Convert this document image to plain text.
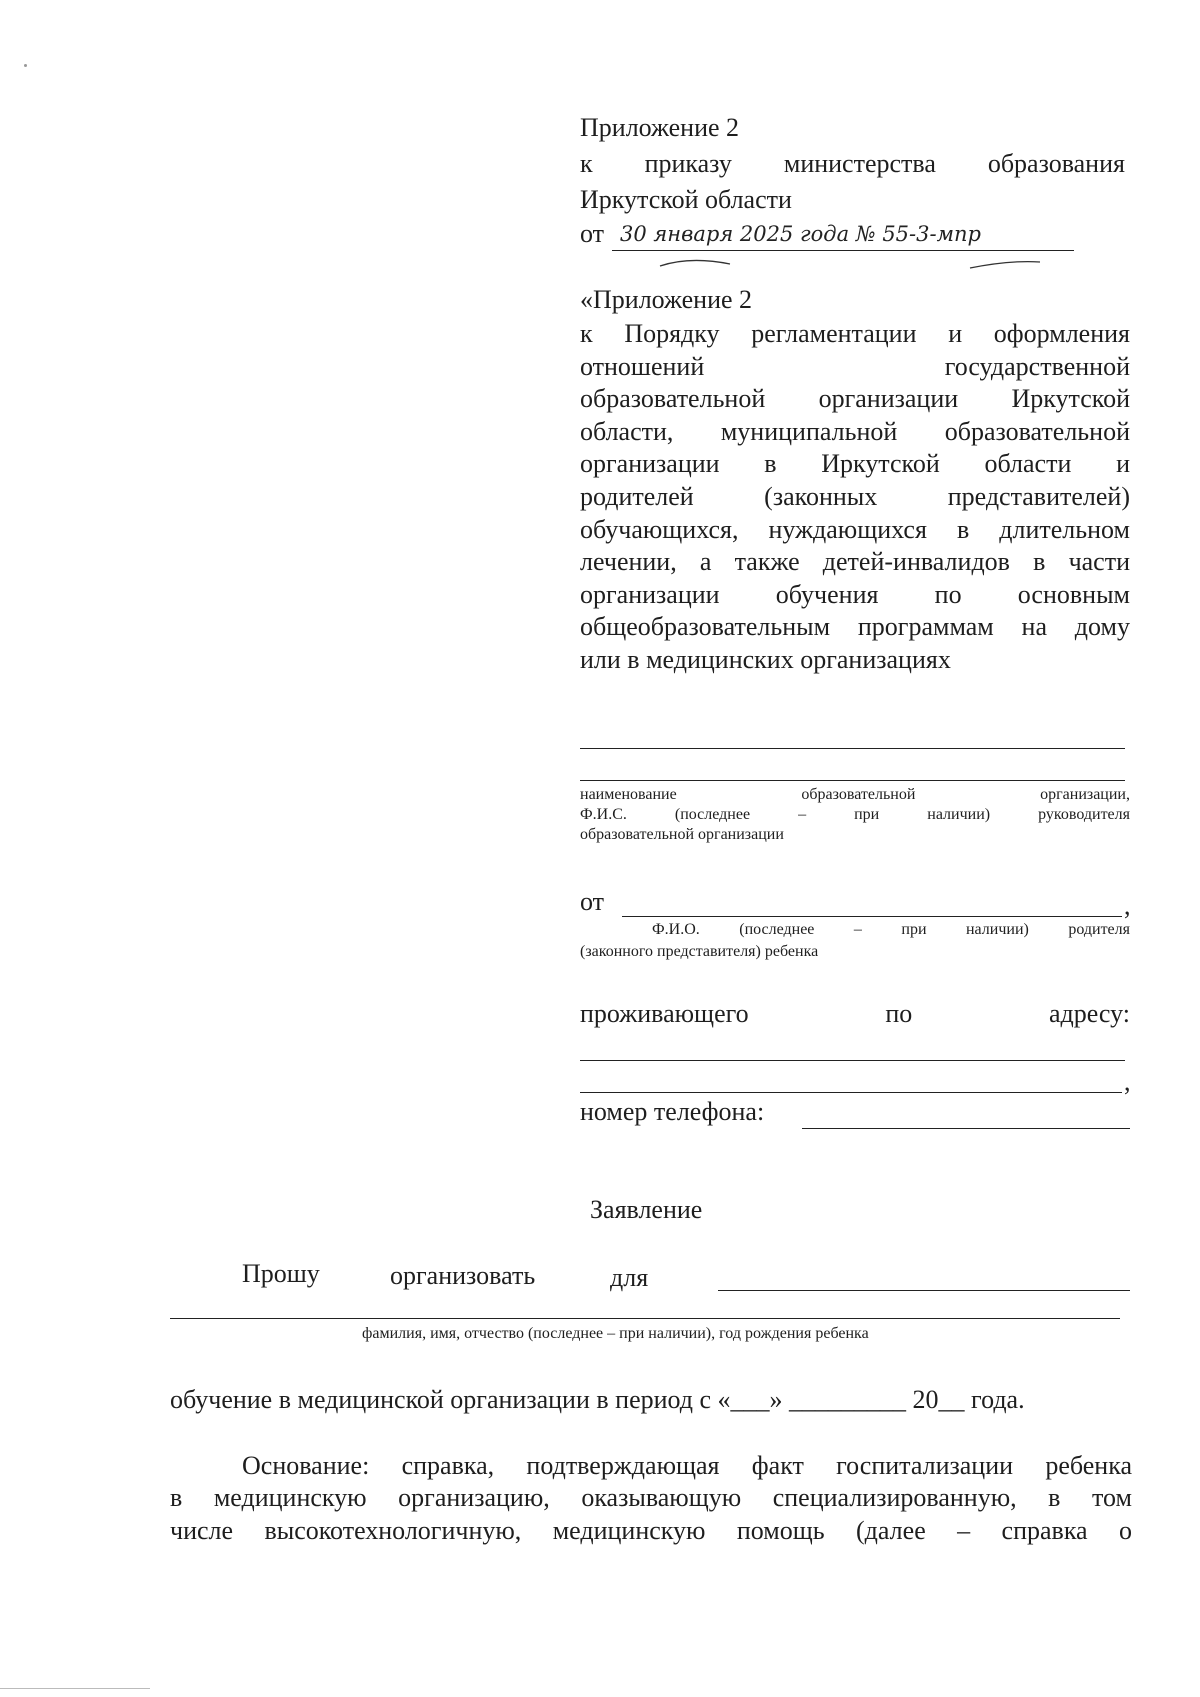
Приложение 2
к приказу министерства образования
Иркутской области
от 30 января 2025 года № 55-3-мпр
«Приложение 2
к Порядку регламентации и оформления
отношений государственной
образовательной организации Иркутской
области, муниципальной образовательной
организации в Иркутской области и
родителей (законных представителей)
обучающихся, нуждающихся в длительном
лечении, а также детей-инвалидов в части
организации обучения по основным
общеобразовательным программам на дому
или в медицинских организациях
наименование образовательной организации,
Ф.И.С. (последнее – при наличии) руководителя
образовательной организации
от	,
Ф.И.О. (последнее – при наличии) родителя
(законного представителя) ребенка
проживающего	по	адресу:
,
номер телефона:
Заявление
Прошу	организовать	для
фамилия, имя, отчество (последнее – при наличии), год рождения ребенка
обучение в медицинской организации в период с «___» _________ 20__ года.
Основание: справка, подтверждающая факт госпитализации ребенка
в медицинскую организацию, оказывающую специализированную, в том
числе высокотехнологичную, медицинскую помощь (далее – справка о
